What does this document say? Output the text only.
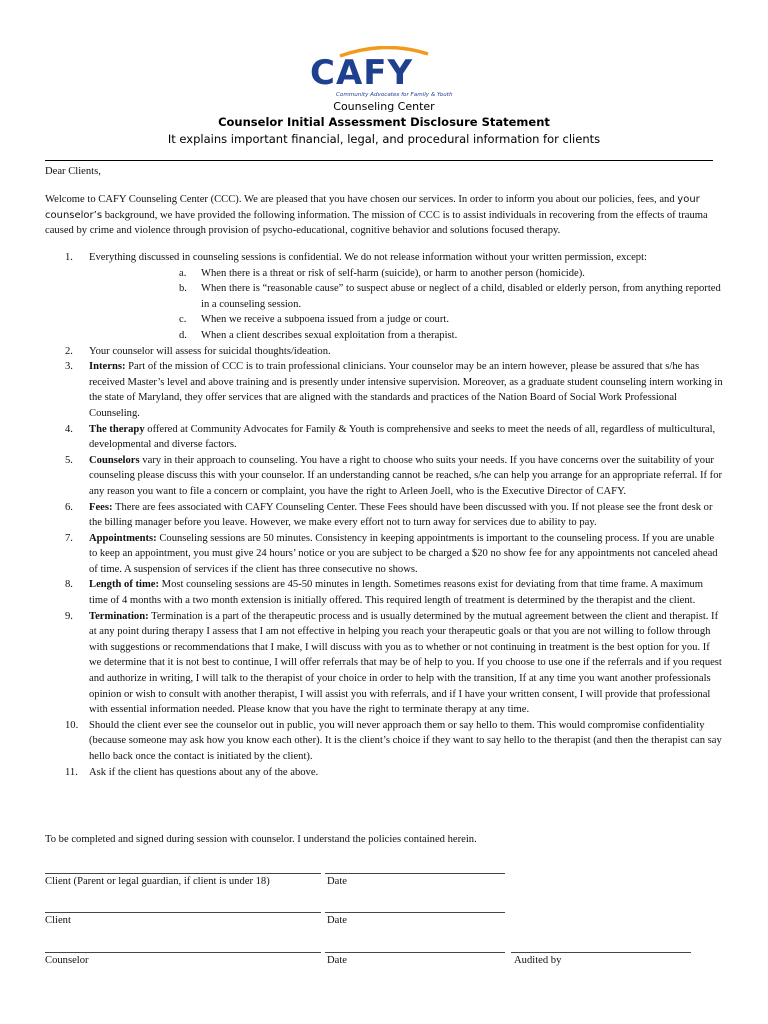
CAFY
Community Advocates for Family & Youth
Counseling Center
Counselor Initial Assessment Disclosure Statement
It explains important financial, legal, and procedural information for clients
Dear Clients,
Welcome to CAFY Counseling Center (CCC). We are pleased that you have chosen our services. In order to inform you about our policies, fees, and your counselor’s background, we have provided the following information. The mission of CCC is to assist individuals in recovering from the effects of trauma caused by crime and violence through provision of psycho-educational, cognitive behavior and solutions focused therapy.
1. Everything discussed in counseling sessions is confidential. We do not release information without your written permission, except:
a. When there is a threat or risk of self-harm (suicide), or harm to another person (homicide).
b. When there is “reasonable cause” to suspect abuse or neglect of a child, disabled or elderly person, from anything reported in a counseling session.
c. When we receive a subpoena issued from a judge or court.
d. When a client describes sexual exploitation from a therapist.
2. Your counselor will assess for suicidal thoughts/ideation.
3. Interns: Part of the mission of CCC is to train professional clinicians. Your counselor may be an intern however, please be assured that s/he has received Master’s level and above training and is presently under intensive supervision. Moreover, as a graduate student counseling intern working in the state of Maryland, they offer services that are aligned with the standards and practices of the Nation Board of Social Work Professional Counseling.
4. The therapy offered at Community Advocates for Family & Youth is comprehensive and seeks to meet the needs of all, regardless of multicultural, developmental and diverse factors.
5. Counselors vary in their approach to counseling. You have a right to choose who suits your needs. If you have concerns over the suitability of your counseling please discuss this with your counselor. If an understanding cannot be reached, s/he can help you arrange for an appropriate referral. If for any reason you want to file a concern or complaint, you have the right to Arleen Joell, who is the Executive Director of CAFY.
6. Fees: There are fees associated with CAFY Counseling Center. These Fees should have been discussed with you. If not please see the front desk or the billing manager before you leave. However, we make every effort not to turn away for services due to ability to pay.
7. Appointments: Counseling sessions are 50 minutes. Consistency in keeping appointments is important to the counseling process. If you are unable to keep an appointment, you must give 24 hours’ notice or you are subject to be charged a $20 no show fee for any appointments not canceled ahead of time. A suspension of services if the client has three consecutive no shows.
8. Length of time: Most counseling sessions are 45-50 minutes in length. Sometimes reasons exist for deviating from that time frame. A maximum time of 4 months with a two month extension is initially offered. This required length of treatment is determined by the therapist and the client.
9. Termination: Termination is a part of the therapeutic process and is usually determined by the mutual agreement between the client and therapist. If at any point during therapy I assess that I am not effective in helping you reach your therapeutic goals or that you are not willing to follow through with suggestions or recommendations that I make, I will discuss with you as to whether or not continuing in treatment is the best option for you. If we determine that it is not best to continue, I will offer referrals that may be of help to you. If you choose to use one if the referrals and if you request and authorize in writing, I will talk to the therapist of your choice in order to help with the transition, If at any time you want another professionals opinion or wish to consult with another therapist, I will assist you with referrals, and if I have your written consent, I will provide that professional with essential information needed. Please know that you have the right to terminate therapy at any time.
10. Should the client ever see the counselor out in public, you will never approach them or say hello to them. This would compromise confidentiality (because someone may ask how you know each other). It is the client’s choice if they want to say hello to the therapist (and then the therapist can say hello back once the contact is initiated by the client).
11. Ask if the client has questions about any of the above.
To be completed and signed during session with counselor. I understand the policies contained herein.
Client (Parent or legal guardian, if client is under 18)	Date
Client	Date
Counselor	Date	Audited by
